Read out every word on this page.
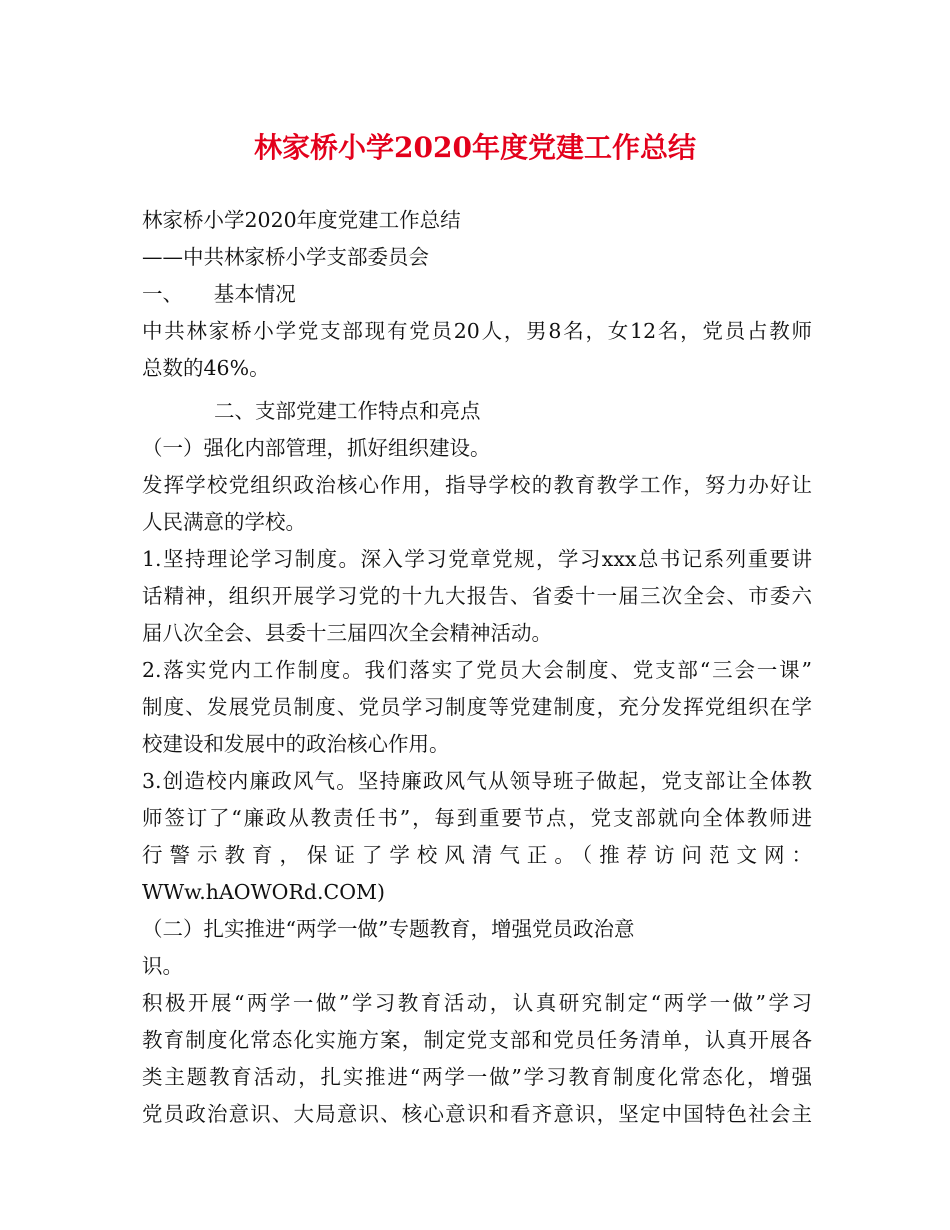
林家桥小学2020年度党建工作总结
林家桥小学2020年度党建工作总结
——中共林家桥小学支部委员会
一、　　基本情况
中共林家桥小学党支部现有党员20人，男8名，女12名，党员占教师
总数的46%。
二、支部党建工作特点和亮点
（一）强化内部管理，抓好组织建设。
发挥学校党组织政治核心作用，指导学校的教育教学工作，努力办好让
人民满意的学校。
1.坚持理论学习制度。深入学习党章党规，学习xxx总书记系列重要讲
话精神，组织开展学习党的十九大报告、省委十一届三次全会、市委六
届八次全会、县委十三届四次全会精神活动。
2.落实党内工作制度。我们落实了党员大会制度、党支部“三会一课”
制度、发展党员制度、党员学习制度等党建制度，充分发挥党组织在学
校建设和发展中的政治核心作用。
3.创造校内廉政风气。坚持廉政风气从领导班子做起，党支部让全体教
师签订了“廉政从教责任书”，每到重要节点，党支部就向全体教师进
行警示教育，保证了学校风清气正。（推荐访问范文网：
WWw.hAOWORd.COM)
（二）扎实推进“两学一做”专题教育，增强党员政治意
识。
积极开展“两学一做”学习教育活动，认真研究制定“两学一做”学习
教育制度化常态化实施方案，制定党支部和党员任务清单，认真开展各
类主题教育活动，扎实推进“两学一做”学习教育制度化常态化，增强
党员政治意识、大局意识、核心意识和看齐意识，坚定中国特色社会主
